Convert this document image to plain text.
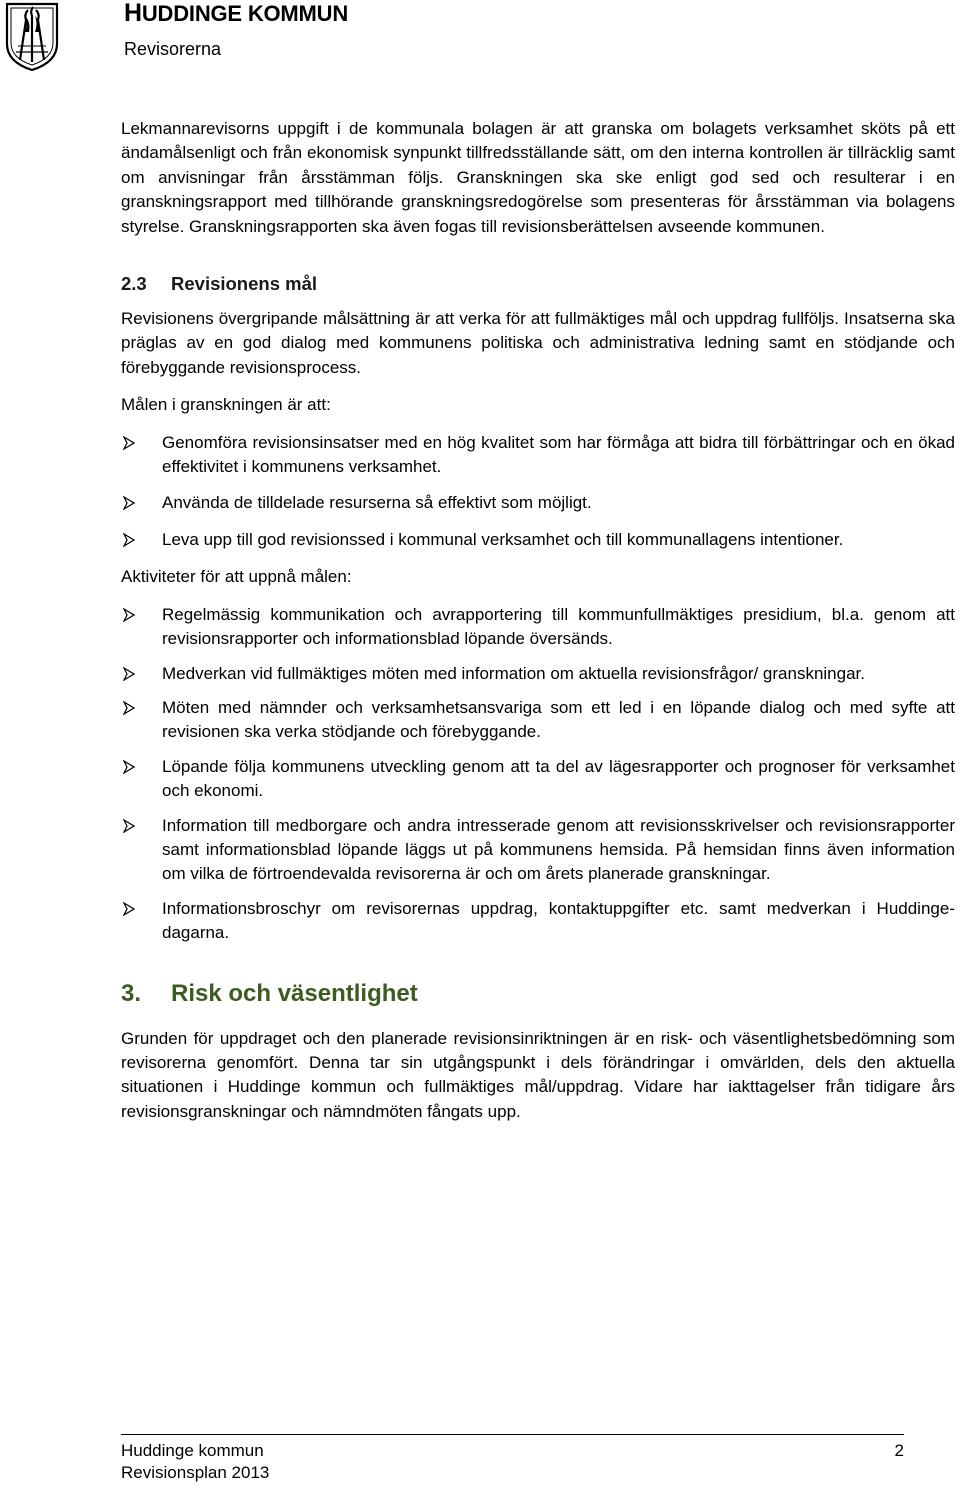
HUDDINGE KOMMUN
Revisorerna

Lekmannarevisorns uppgift i de kommunala bolagen är att granska om bolagets verksamhet sköts på ett ändamålsenligt och från ekonomisk synpunkt tillfredsställande sätt, om den interna kontrollen är tillräcklig samt om anvisningar från årsstämman följs. Granskningen ska ske enligt god sed och resulterar i en granskningsrapport med tillhörande granskningsredogörelse som presenteras för årsstämman via bolagens styrelse. Granskningsrapporten ska även fogas till revisionsberättelsen avseende kommunen.

2.3 Revisionens mål

Revisionens övergripande målsättning är att verka för att fullmäktiges mål och uppdrag fullföljs. Insatserna ska präglas av en god dialog med kommunens politiska och administrativa ledning samt en stödjande och förebyggande revisionsprocess.

Målen i granskningen är att:

Genomföra revisionsinsatser med en hög kvalitet som har förmåga att bidra till förbättringar och en ökad effektivitet i kommunens verksamhet.
Använda de tilldelade resurserna så effektivt som möjligt.
Leva upp till god revisionssed i kommunal verksamhet och till kommunallagens intentioner.

Aktiviteter för att uppnå målen:

Regelmässig kommunikation och avrapportering till kommunfullmäktiges presidium, bl.a. genom att revisionsrapporter och informationsblad löpande översänds.
Medverkan vid fullmäktiges möten med information om aktuella revisionsfrågor/ granskningar.
Möten med nämnder och verksamhetsansvariga som ett led i en löpande dialog och med syfte att revisionen ska verka stödjande och förebyggande.
Löpande följa kommunens utveckling genom att ta del av lägesrapporter och prognoser för verksamhet och ekonomi.
Information till medborgare och andra intresserade genom att revisionsskrivelser och revisionsrapporter samt informationsblad löpande läggs ut på kommunens hemsida. På hemsidan finns även information om vilka de förtroendevalda revisorerna är och om årets planerade granskningar.
Informationsbroschyr om revisorernas uppdrag, kontaktuppgifter etc. samt medverkan i Huddinge-dagarna.
3. Risk och väsentlighet

Grunden för uppdraget och den planerade revisionsinriktningen är en risk- och väsentlighetsbedömning som revisorerna genomfört. Denna tar sin utgångspunkt i dels förändringar i omvärlden, dels den aktuella situationen i Huddinge kommun och fullmäktiges mål/uppdrag. Vidare har iakttagelser från tidigare års revisionsgranskningar och nämndmöten fångats upp.

Huddinge kommun
Revisionsplan 2013
2
